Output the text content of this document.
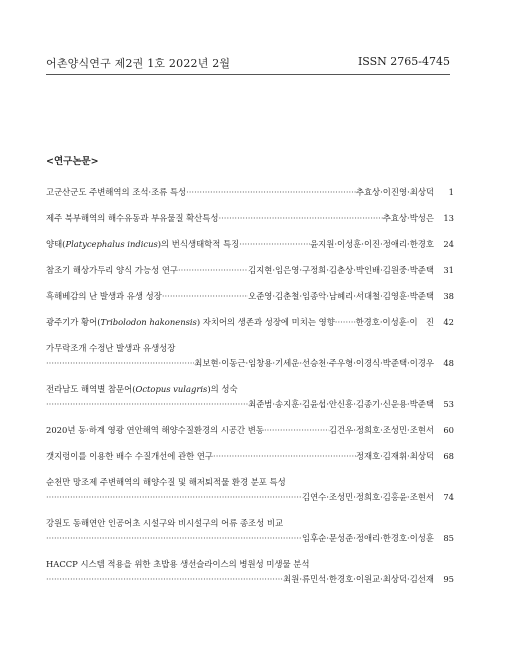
어촌양식연구 제2권 1호 2022년 2월	ISSN 2765-4745
<연구논문>
고군산군도 주변해역의 조석·조류 특성 ·····	추효상·이진영·최상덕	1
제주 북부해역의 해수유동과 부유물질 확산특성 ·····	추효상·박성은	13
양태(Platycephalus indicus)의 번식생태학적 특징 ·····	윤지원·이성훈·이진·정애리·한경호	24
참조기 해상가두리 양식 가능성 연구 ·····	김지현·임은영·구정희·김춘상·박인배·김원중·박준택	31
흑해베감의 난 발생과 유생 성장 ·····	오준영·김춘철·임종악·남혜리·서대철·김영훈·박준택	38
광주기가 황어(Tribolodon hakonensis) 자치어의 생존과 성장에 미치는 영향 ····· 한경호·이성훈·이　진	42
가무락조개 수정난 발생과 유생성장
·····
최보현·이동근·임창용·기세운·선승천·주우형·이경식·박준택·이경우	48
전라남도 해역별 참문어(Octopus vulagris)의 성숙
·····
최준범·송지훈·김윤섭·안신흥·김종기·신운용·박준택	53
2020년 동·하계 영광 연안해역 해양수질환경의 시공간 변동 ·····	김건우·정희호·조성민·조현서	60
갯지렁이를 이용한 배수 수질개선에 관한 연구 ·····	정재호·김재휘·최상덕	68
순천만 망조제 주변해역의 해양수질 및 해저퇴적물 환경 분포 특성
·····
김연수·조성민·정희호·김홍윤·조현서	74
강원도 동해연안 인공어초 시설구와 비시설구의 어류 종조성 비교
·····
임후순·문성준·정애리·한경호·이성훈	85
HACCP 시스템 적용을 위한 초밥용 생선슬라이스의 병원성 미생물 분석
·····
최원·류민석·한경호·이원교·최상덕·김선재	95
